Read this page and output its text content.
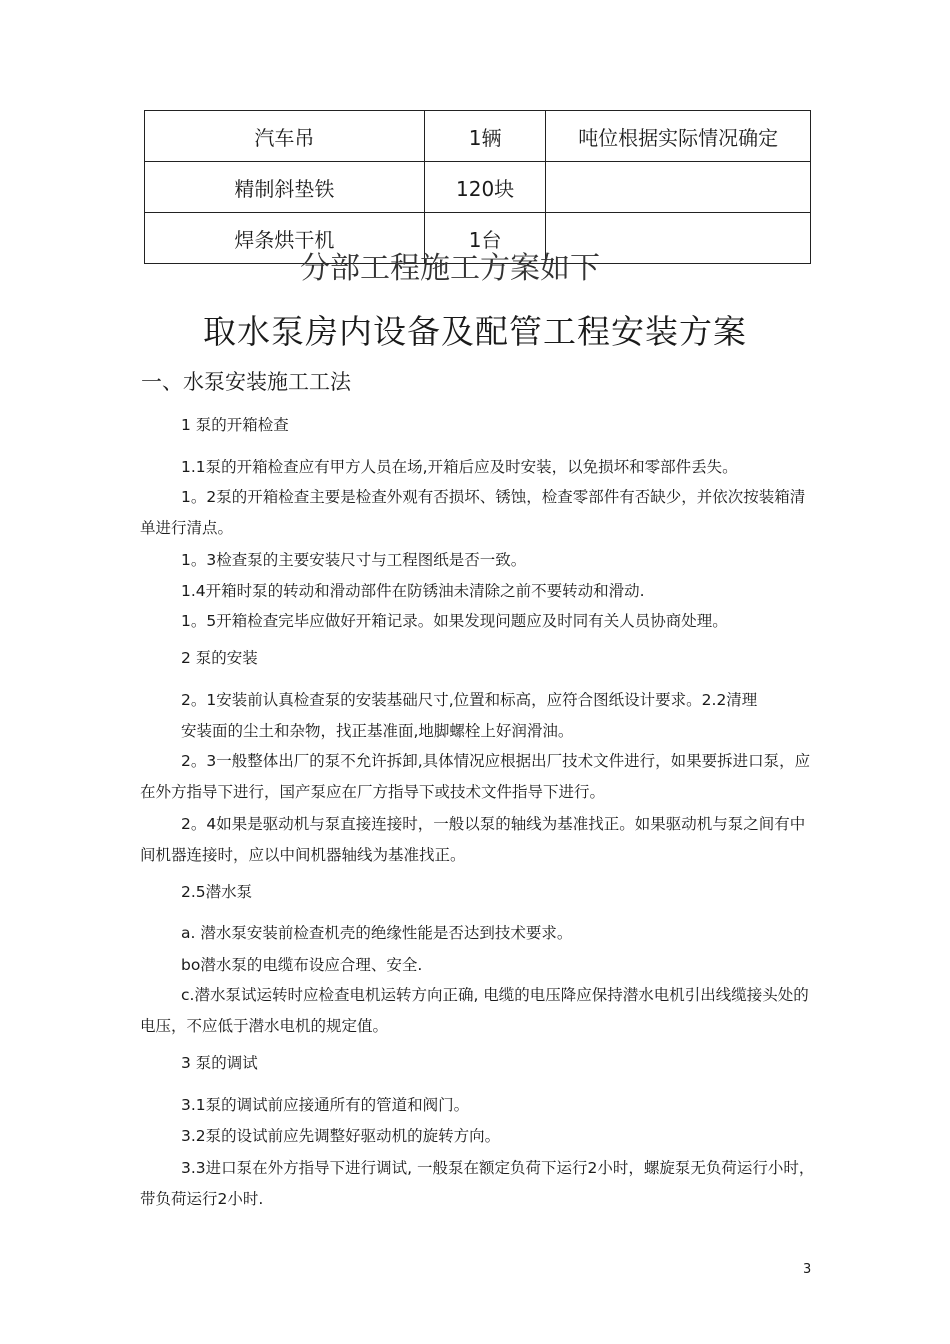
汽车吊	1辆	吨位根据实际情况确定
精制斜垫铁	120块	
焊条烘干机	1台	
分部工程施工方案如下
取水泵房内设备及配管工程安装方案
一、水泵安装施工工法
1 泵的开箱检查
1.1泵的开箱检查应有甲方人员在场,开箱后应及时安装，以免损坏和零部件丢失。
1。2泵的开箱检查主要是检查外观有否损坏、锈蚀，检查零部件有否缺少，并依次按装箱清单进行清点。
1。3检查泵的主要安装尺寸与工程图纸是否一致。
1.4开箱时泵的转动和滑动部件在防锈油未清除之前不要转动和滑动.
1。5开箱检查完毕应做好开箱记录。如果发现问题应及时同有关人员协商处理。
2 泵的安装
2。1安装前认真检查泵的安装基础尺寸,位置和标高，应符合图纸设计要求。2.2清理
安装面的尘土和杂物，找正基准面,地脚螺栓上好润滑油。
2。3一般整体出厂的泵不允许拆卸,具体情况应根据出厂技术文件进行，如果要拆进口泵，应在外方指导下进行，国产泵应在厂方指导下或技术文件指导下进行。
2。4如果是驱动机与泵直接连接时，一般以泵的轴线为基准找正。如果驱动机与泵之间有中间机器连接时，应以中间机器轴线为基准找正。
2.5潜水泵
a. 潜水泵安装前检查机壳的绝缘性能是否达到技术要求。
bo潜水泵的电缆布设应合理、安全.
c.潜水泵试运转时应检查电机运转方向正确, 电缆的电压降应保持潜水电机引出线缆接头处的电压，不应低于潜水电机的规定值。
3 泵的调试
3.1泵的调试前应接通所有的管道和阀门。
3.2泵的设试前应先调整好驱动机的旋转方向。
3.3进口泵在外方指导下进行调试, 一般泵在额定负荷下运行2小时，螺旋泵无负荷运行小时，带负荷运行2小时.
3
